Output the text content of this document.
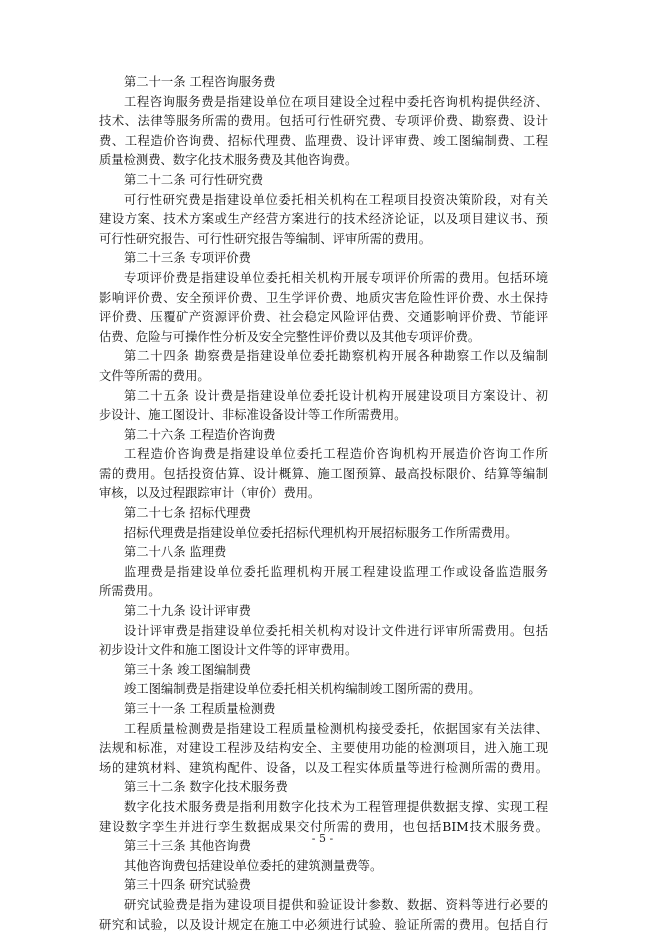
第二十一条 工程咨询服务费
工程咨询服务费是指建设单位在项目建设全过程中委托咨询机构提供经济、
技术、法律等服务所需的费用。包括可行性研究费、专项评价费、勘察费、设计
费、工程造价咨询费、招标代理费、监理费、设计评审费、竣工图编制费、工程
质量检测费、数字化技术服务费及其他咨询费。
第二十二条 可行性研究费
可行性研究费是指建设单位委托相关机构在工程项目投资决策阶段，对有关
建设方案、技术方案或生产经营方案进行的技术经济论证，以及项目建议书、预
可行性研究报告、可行性研究报告等编制、评审所需的费用。
第二十三条 专项评价费
专项评价费是指建设单位委托相关机构开展专项评价所需的费用。包括环境
影响评价费、安全预评价费、卫生学评价费、地质灾害危险性评价费、水土保持
评价费、压覆矿产资源评价费、社会稳定风险评估费、交通影响评价费、节能评
估费、危险与可操作性分析及安全完整性评价费以及其他专项评价费。
第二十四条 勘察费是指建设单位委托勘察机构开展各种勘察工作以及编制
文件等所需的费用。
第二十五条 设计费是指建设单位委托设计机构开展建设项目方案设计、初
步设计、施工图设计、非标准设备设计等工作所需费用。
第二十六条 工程造价咨询费
工程造价咨询费是指建设单位委托工程造价咨询机构开展造价咨询工作所
需的费用。包括投资估算、设计概算、施工图预算、最高投标限价、结算等编制
审核，以及过程跟踪审计（审价）费用。
第二十七条 招标代理费
招标代理费是指建设单位委托招标代理机构开展招标服务工作所需费用。
第二十八条 监理费
监理费是指建设单位委托监理机构开展工程建设监理工作或设备监造服务
所需费用。
第二十九条 设计评审费
设计评审费是指建设单位委托相关机构对设计文件进行评审所需费用。包括
初步设计文件和施工图设计文件等的评审费用。
第三十条 竣工图编制费
竣工图编制费是指建设单位委托相关机构编制竣工图所需的费用。
第三十一条 工程质量检测费
工程质量检测费是指建设工程质量检测机构接受委托，依据国家有关法律、
法规和标准，对建设工程涉及结构安全、主要使用功能的检测项目，进入施工现
场的建筑材料、建筑构配件、设备，以及工程实体质量等进行检测所需的费用。
第三十二条 数字化技术服务费
数字化技术服务费是指利用数字化技术为工程管理提供数据支撑、实现工程
建设数字孪生并进行孪生数据成果交付所需的费用，也包括BIM技术服务费。
第三十三条 其他咨询费
其他咨询费包括建设单位委托的建筑测量费等。
第三十四条 研究试验费
研究试验费是指为建设项目提供和验证设计参数、数据、资料等进行必要的
研究和试验，以及设计规定在施工中必须进行试验、验证所需的费用。包括自行
- 5 -
